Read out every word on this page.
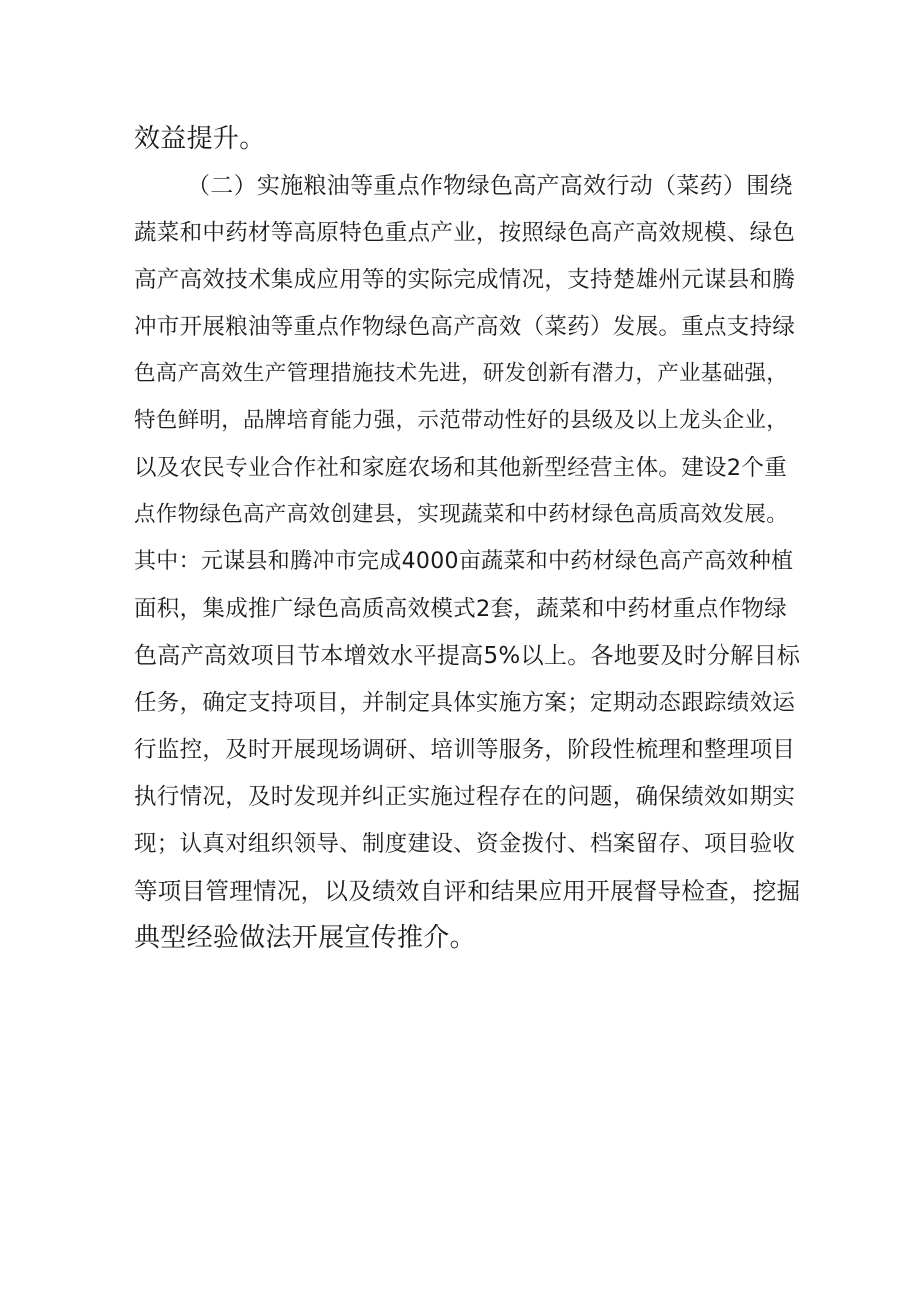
效益提升。
（二）实施粮油等重点作物绿色高产高效行动（菜药）围绕
蔬菜和中药材等高原特色重点产业，按照绿色高产高效规模、绿色
高产高效技术集成应用等的实际完成情况，支持楚雄州元谋县和腾
冲市开展粮油等重点作物绿色高产高效（菜药）发展。重点支持绿
色高产高效生产管理措施技术先进，研发创新有潜力，产业基础强，
特色鲜明，品牌培育能力强，示范带动性好的县级及以上龙头企业，
以及农民专业合作社和家庭农场和其他新型经营主体。建设2个重
点作物绿色高产高效创建县，实现蔬菜和中药材绿色高质高效发展。
其中：元谋县和腾冲市完成4000亩蔬菜和中药材绿色高产高效种植
面积，集成推广绿色高质高效模式2套，蔬菜和中药材重点作物绿
色高产高效项目节本增效水平提高5%以上。各地要及时分解目标
任务，确定支持项目，并制定具体实施方案；定期动态跟踪绩效运
行监控，及时开展现场调研、培训等服务，阶段性梳理和整理项目
执行情况，及时发现并纠正实施过程存在的问题，确保绩效如期实
现；认真对组织领导、制度建设、资金拨付、档案留存、项目验收
等项目管理情况，以及绩效自评和结果应用开展督导检查，挖掘
典型经验做法开展宣传推介。
